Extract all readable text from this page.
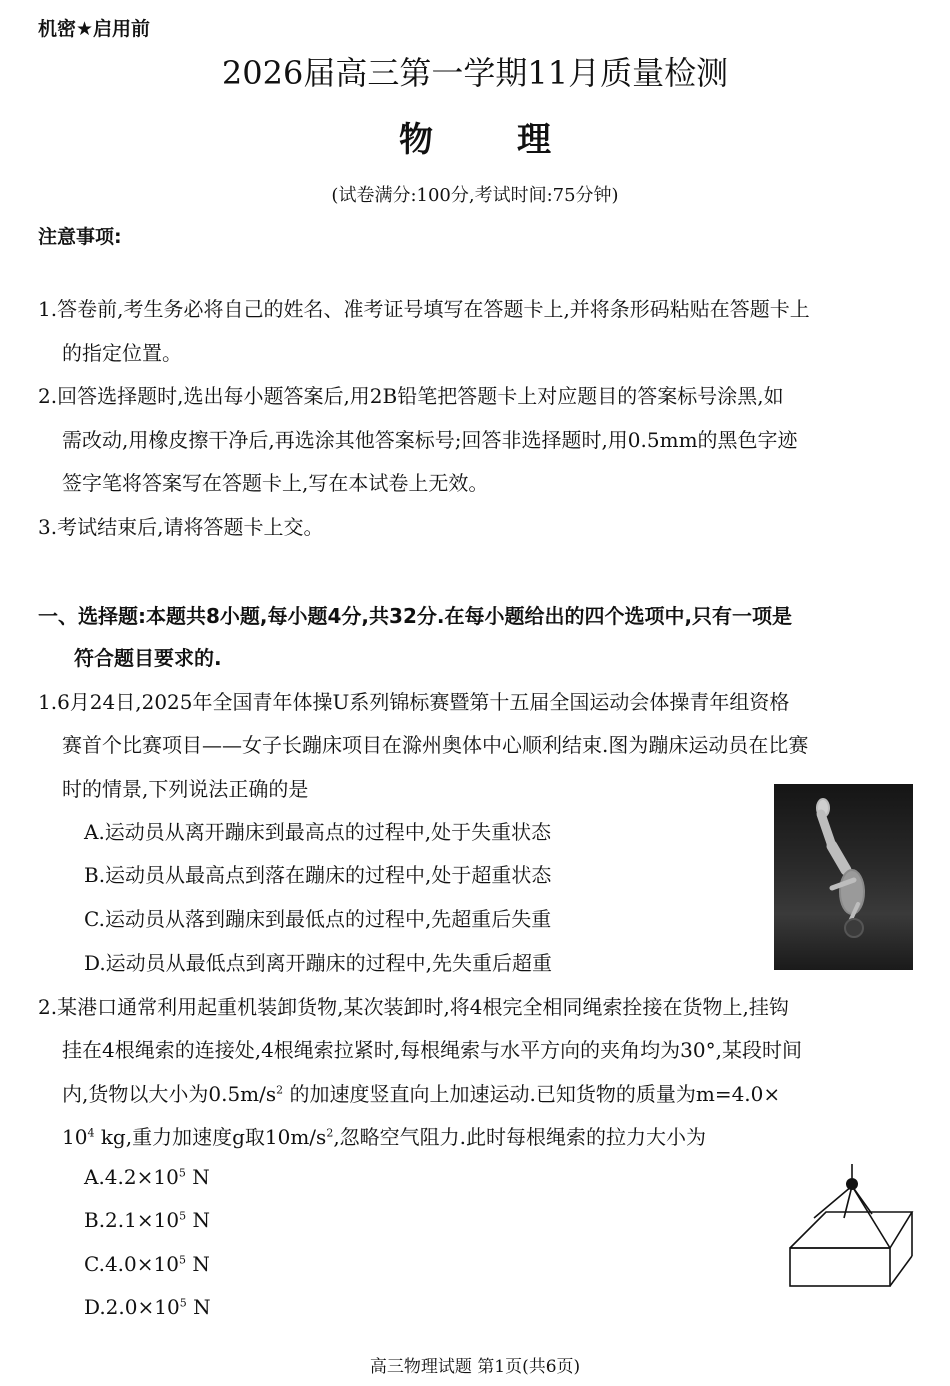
机密★启用前
2026届高三第一学期11月质量检测
物理
(试卷满分:100分,考试时间:75分钟)
注意事项:
1.答卷前,考生务必将自己的姓名、准考证号填写在答题卡上,并将条形码粘贴在答题卡上
的指定位置。
2.回答选择题时,选出每小题答案后,用2B铅笔把答题卡上对应题目的答案标号涂黑,如
需改动,用橡皮擦干净后,再选涂其他答案标号;回答非选择题时,用0.5mm的黑色字迹
签字笔将答案写在答题卡上,写在本试卷上无效。
3.考试结束后,请将答题卡上交。
一、选择题:本题共8小题,每小题4分,共32分.在每小题给出的四个选项中,只有一项是
符合题目要求的.
1.6月24日,2025年全国青年体操U系列锦标赛暨第十五届全国运动会体操青年组资格
赛首个比赛项目——女子长蹦床项目在滁州奥体中心顺利结束.图为蹦床运动员在比赛
时的情景,下列说法正确的是
A.运动员从离开蹦床到最高点的过程中,处于失重状态
B.运动员从最高点到落在蹦床的过程中,处于超重状态
C.运动员从落到蹦床到最低点的过程中,先超重后失重
D.运动员从最低点到离开蹦床的过程中,先失重后超重
2.某港口通常利用起重机装卸货物,某次装卸时,将4根完全相同绳索拴接在货物上,挂钩
挂在4根绳索的连接处,4根绳索拉紧时,每根绳索与水平方向的夹角均为30°,某段时间
内,货物以大小为$0.5m/s^2$ 的加速度竖直向上加速运动.已知货物的质量为m=4.0×
$10^4$ kg,重力加速度g取$10m/s^2$,忽略空气阻力.此时每根绳索的拉力大小为
$A.4.2\times 10^5$ N
$B.2.1\times 10^5$ N
$C.4.0\times 10^5$ N
$D.2.0\times 10^5$ N
高三物理试题 第1页(共6页)
